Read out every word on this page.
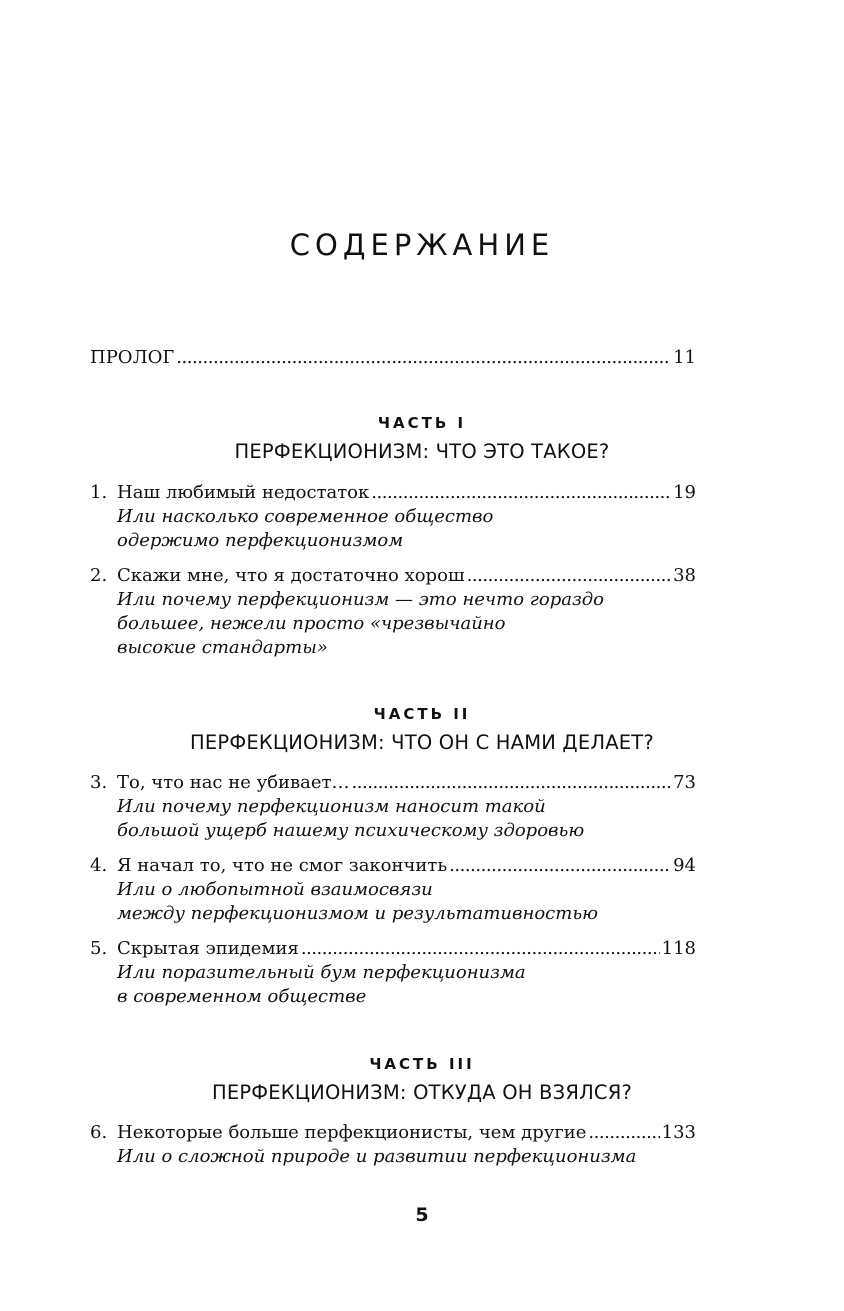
СОДЕРЖАНИЕ
ПРОЛОГ . . .	11
ЧАСТЬ I
ПЕРФЕКЦИОНИЗМ: ЧТО ЭТО ТАКОЕ?
1. Наш любимый недостаток . . .	19
Или насколько современное общество
одержимо перфекционизмом
2. Скажи мне, что я достаточно хорош . . .	38
Или почему перфекционизм — это нечто гораздо
большее, нежели просто «чрезвычайно
высокие стандарты»
ЧАСТЬ II
ПЕРФЕКЦИОНИЗМ: ЧТО ОН С НАМИ ДЕЛАЕТ?
3. То, что нас не убивает… . . .	73
Или почему перфекционизм наносит такой
большой ущерб нашему психическому здоровью
4. Я начал то, что не смог закончить . . .	94
Или о любопытной взаимосвязи
между перфекционизмом и результативностью
5. Скрытая эпидемия . . .	118
Или поразительный бум перфекционизма
в современном обществе
ЧАСТЬ III
ПЕРФЕКЦИОНИЗМ: ОТКУДА ОН ВЗЯЛСЯ?
6. Некоторые больше перфекционисты, чем другие . . .	133
Или о сложной природе и развитии перфекционизма
5
